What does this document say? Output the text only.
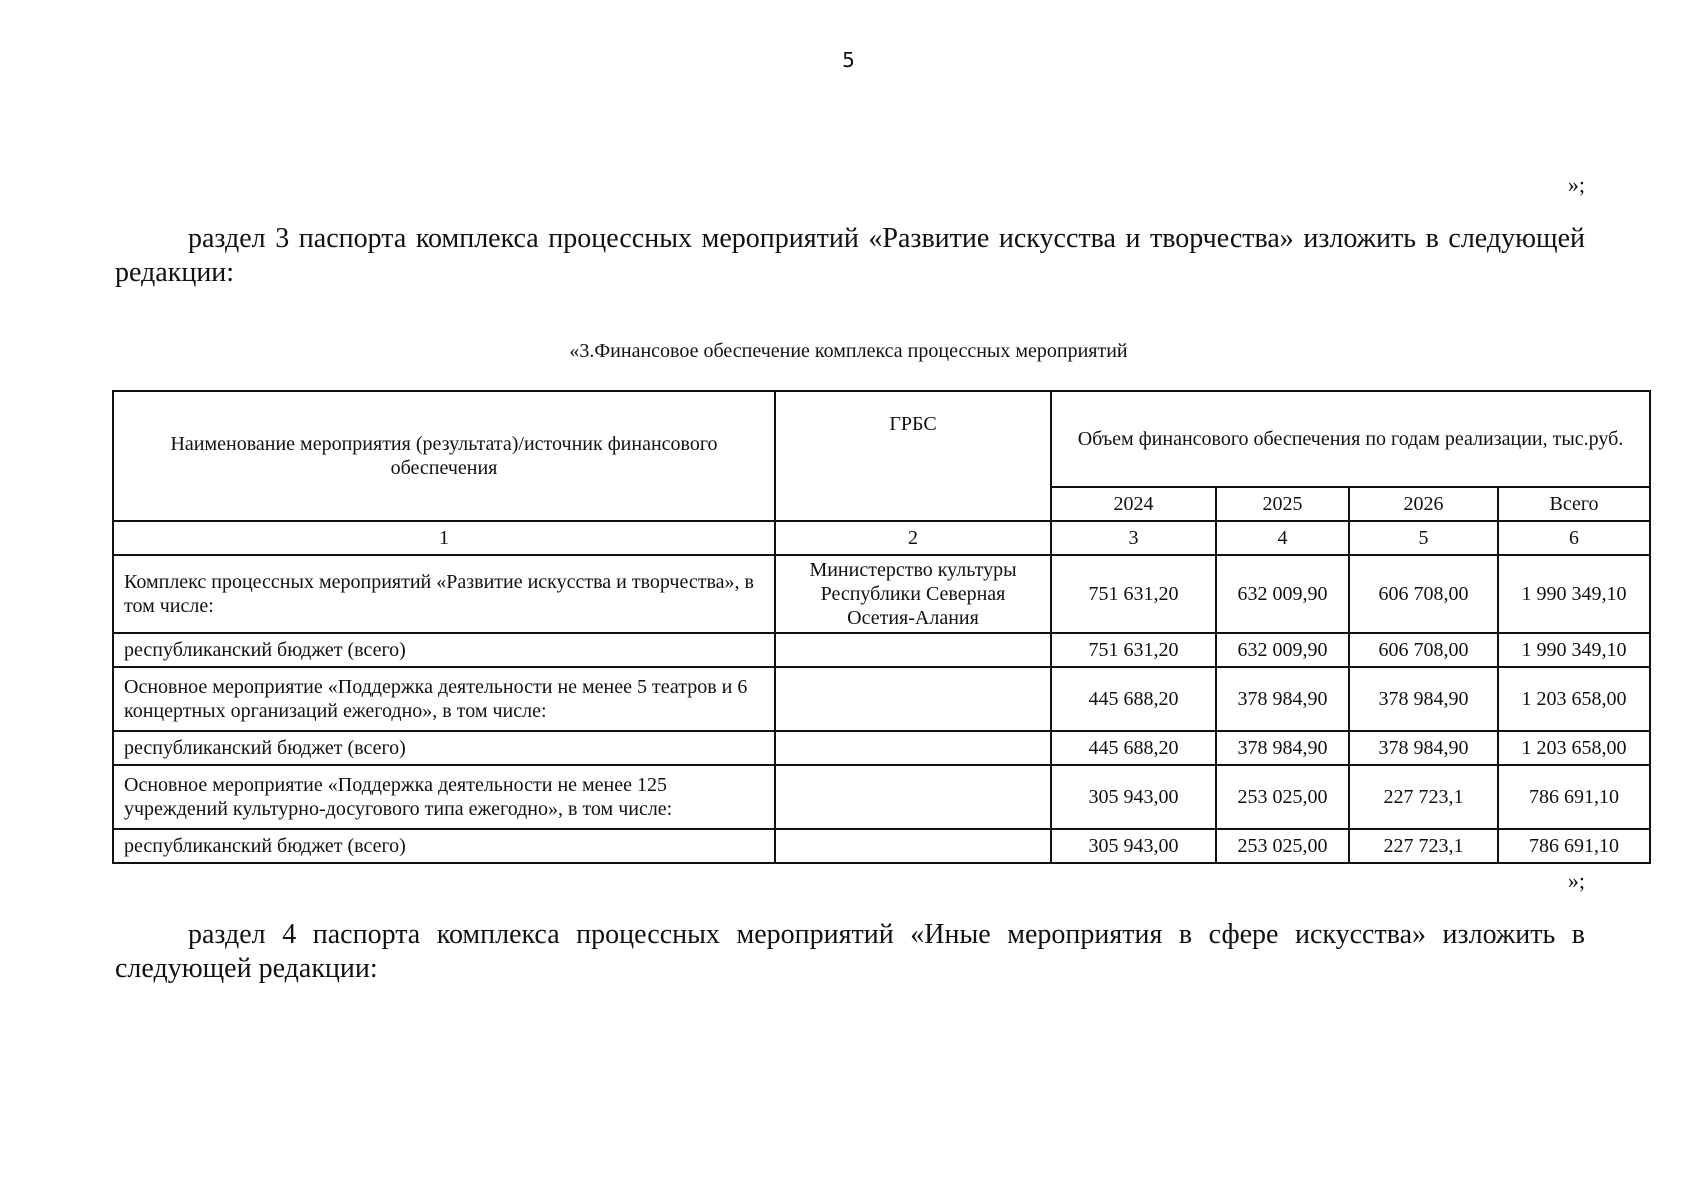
5
»;
раздел 3 паспорта комплекса процессных мероприятий «Развитие искусства и творчества» изложить в следующей редакции:
«3.Финансовое обеспечение комплекса процессных мероприятий
Наименование мероприятия (результата)/источник финансового обеспечения	ГРБС	Объем финансового обеспечения по годам реализации, тыс.руб.			
		2024	2025	2026	Всего
1	2	3	4	5	6
Комплекс процессных мероприятий «Развитие искусства и творчества», в том числе:	Министерство культуры Республики Северная Осетия-Алания	751 631,20	632 009,90	606 708,00	1 990 349,10
республиканский бюджет (всего)		751 631,20	632 009,90	606 708,00	1 990 349,10
Основное мероприятие «Поддержка деятельности не менее 5 театров и 6 концертных организаций ежегодно», в том числе:		445 688,20	378 984,90	378 984,90	1 203 658,00
республиканский бюджет (всего)		445 688,20	378 984,90	378 984,90	1 203 658,00
Основное мероприятие «Поддержка деятельности не менее 125 учреждений культурно-досугового типа ежегодно», в том числе:		305 943,00	253 025,00	227 723,1	786 691,10
республиканский бюджет (всего)		305 943,00	253 025,00	227 723,1	786 691,10
»;
раздел 4 паспорта комплекса процессных мероприятий «Иные мероприятия в сфере искусства» изложить в следующей редакции:
